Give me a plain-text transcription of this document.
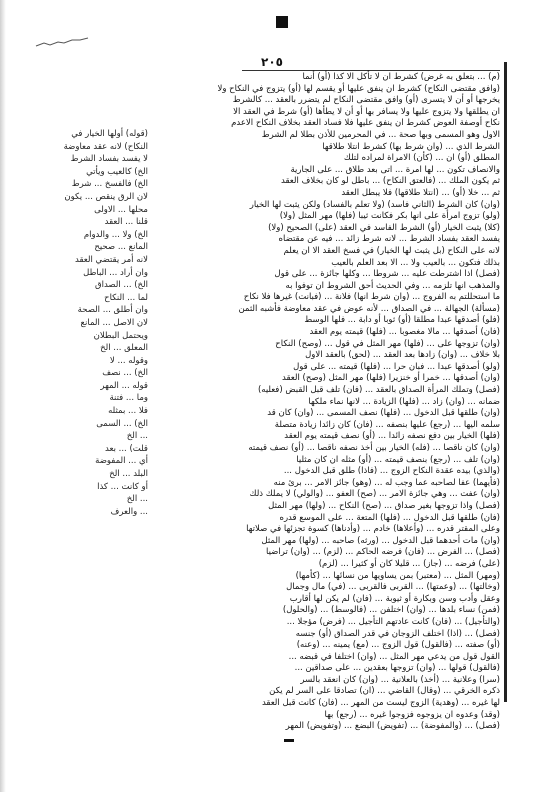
٢٠٥
(م) ... بتعلق به غرض) كشرط ان لا تأكل الا كذا (أو) أنما
(وافق مقتضى النكاح) كشرط ان ينفق عليها أو يقسم لها (أو) يتزوج في النكاح ولا
يخرجها أو أن لا يتسرى (أو) وافق مقتضى النكاح لم يتضرر بالعقد ... كالشرط
ان يطلقها ولا يتزوج عليها ولا يسافر بها أو أن لا يطأها (أو) شرط في العقد الا
نكاح أوصفة العوض كشرط ان ينفق عليها فلا فساد العقد بخلاف النكاح الاعدم
الاول وهو المسمى وبها صحة ... في المحرمين للأذن بطلا لم الشرط
الشرط الذي ... (وان شرط بها) كشرط انتلا طلاقها
المطلق (أو) ان ... (كأن) الامراة لمراده لتلك
والانصاف تكون ... لها امرة ... اتى بعد طلاق ... على الجارية
ثم يكون الملك ... (فالعتق النكاح) ... باطل لو كان بخلاف العقد
ثم ... خلا (أو) ... (انتلا طلاقها) فلا يبطل العقد
(وان) كان الشرط (الثاني فاسد) (ولا تعلم بالفساد) ولكن يثبت لها الخيار
(ولو) تزوج امرأة على انها بكر فكانت ثيبا (فلها) مهر المثل (ولا)
(كلا) يثبت الخيار (أو) الشرط الفاسد في العقد (على) الصحيح (ولا)
يفسد العقد بفساد الشرط ... لانه شرط زائد ... فيه عن مقتضاه
لانه على النكاح (بل يثبت لها الخيار) في فسخ العقد الا ان يعلم
بذلك فتكون ... بالعيب ولا ... الا بعد العلم بالعيب
(فصل) اذا اشترطت عليه ... شروطا ... وكلها جائزة ... على قول
والمذهب انها تلزمه ... وفي الحديث أحق الشروط ان توفوا به
ما استحللتم به الفروج ... (وان شرط انها) فلانة ... (فبانت) غيرها فلا نكاح
(مسألة) الجهالة ... في الصداق ... لأنه عوض في عقد معاوضة فأشبه الثمن
(فلو) أصدقها عبدا مطلقا (أو) ثوبا أو دابة ... فلها الوسط
(فان) أصدقها ... مالا مغصوبا ... (فلها) قيمته يوم العقد
(وان) تزوجها على ... (فلها) مهر المثل في قول ... (وصح) النكاح
بلا خلاف ... (وان) زادها بعد العقد ... (لحق) بالعقد الاول
(ولو) أصدقها عبدا ... فبان حرا ... (فلها) قيمته ... على قول
(وان) أصدقها ... خمرا أو خنزيرا (فلها) مهر المثل (وصح) العقد
(فصل) وتملك المرأة الصداق بالعقد ... (فان) تلف قبل القبض (فعليه)
ضمانه ... (وان) زاد ... (فلها) الزيادة ... لانها نماء ملكها
(وان) طلقها قبل الدخول ... (فلها) نصف المسمى ... (وان) كان قد
سلمه اليها ... (رجع) عليها بنصفه ... (فان) كان زائدا زيادة متصلة
(فلها) الخيار بين دفع نصفه زائدا ... (أو) نصف قيمته يوم العقد
(وان) كان ناقصا ... (فله) الخيار بين أخذ نصفه ناقصا ... (أو) نصف قيمته
(وان) تلف ... (رجع) بنصف قيمته ... (أو) مثله ان كان مثليا
(والذي) بيده عقدة النكاح الزوج ... (فاذا) طلق قبل الدخول ...
(فأيهما) عفا لصاحبه عما وجب له ... (وهو) جائز الامر ... برئ منه
(وان) عفت ... وهي جائزة الامر ... (صح) العفو ... (والولي) لا يملك ذلك
(فصل) واذا تزوجها بغير صداق ... (صح) النكاح ... (ولها) مهر المثل
(فان) طلقها قبل الدخول ... (فلها) المتعة ... على الموسع قدره
وعلى المقتر قدره ... (وأعلاها) خادم ... (وأدناها) كسوة تجزئها في صلاتها
(وان) مات أحدهما قبل الدخول ... (ورثه) صاحبه ... (ولها) مهر المثل
(فصل) ... الفرض ... (فان) فرضه الحاكم ... (لزم) ... (وان) تراضيا
(على) فرضه ... (جاز) ... قليلا كان أو كثيرا ... (لزم)
(ومهر) المثل ... (معتبر) بمن يساويها من نسائها ... (كأمها)
(وخالتها) ... (وعمتها) ... القربى فالقربى ... (في) مال وجمال
وعقل وأدب وسن وبكارة أو ثيوبة ... (فان) لم يكن لها أقارب
(فمن) نساء بلدها ... (وان) اختلفن ... (فالوسط) ... (والحلول)
(والتأجيل) ... (فان) كانت عادتهم التأجيل ... (فرض) مؤجلا ...
(فصل) ... (اذا) اختلف الزوجان في قدر الصداق (أو) جنسه
(أو) صفته ... (فالقول) قول الزوج ... (مع) يمينه ... (وعنه)
القول قول من يدعي مهر المثل ... (وان) اختلفا في قبضه ...
(فالقول) قولها ... (وان) تزوجها بعقدين ... على صداقين ...
(سرا) وعلانية ... (أخذ) بالعلانية ... (وان) كان انعقد بالسر
ذكره الخرقي ... (وقال) القاضي ... (ان) تصادقا على السر لم يكن
لها غيره ... (وهدية) الزوج ليست من المهر ... (فان) كانت قبل العقد
(وقد) وعدوه ان يزوجوه فزوجوا غيره ... (رجع) بها
(فصل) ... (والمفوضة) ... (تفويض) البضع ... (وتفويض) المهر
(قوله) أولها الخيار في
النكاح) لانه عقد معاوضة
لا يفسد بفساد الشرط
الخ) كالعيب ويأتي
الخ) فالفسخ ... شرط
لان الرق ينقص ... يكون
محلها ... الاولى
قلنا ... العقد
الخ) ولا ... والدوام
المانع ... صحيح
لانه أمر يقتضي العقد
وان أراد ... الباطل
الخ) ... الصداق
لما ... النكاح
وان أطلق ... الصحة
لان الاصل ... المانع
ويحتمل البطلان
المعلق ... الخ
وقوله ... لا
الخ) ... نصف
قوله ... المهر
وما ... فتنة
فلا ... بمثله
الخ) ... السمى
... الخ
قلت) ... بعد
أي ... المفوضة
البلد ... الخ
أو كانت ... كذا
... الخ
... والعرف
